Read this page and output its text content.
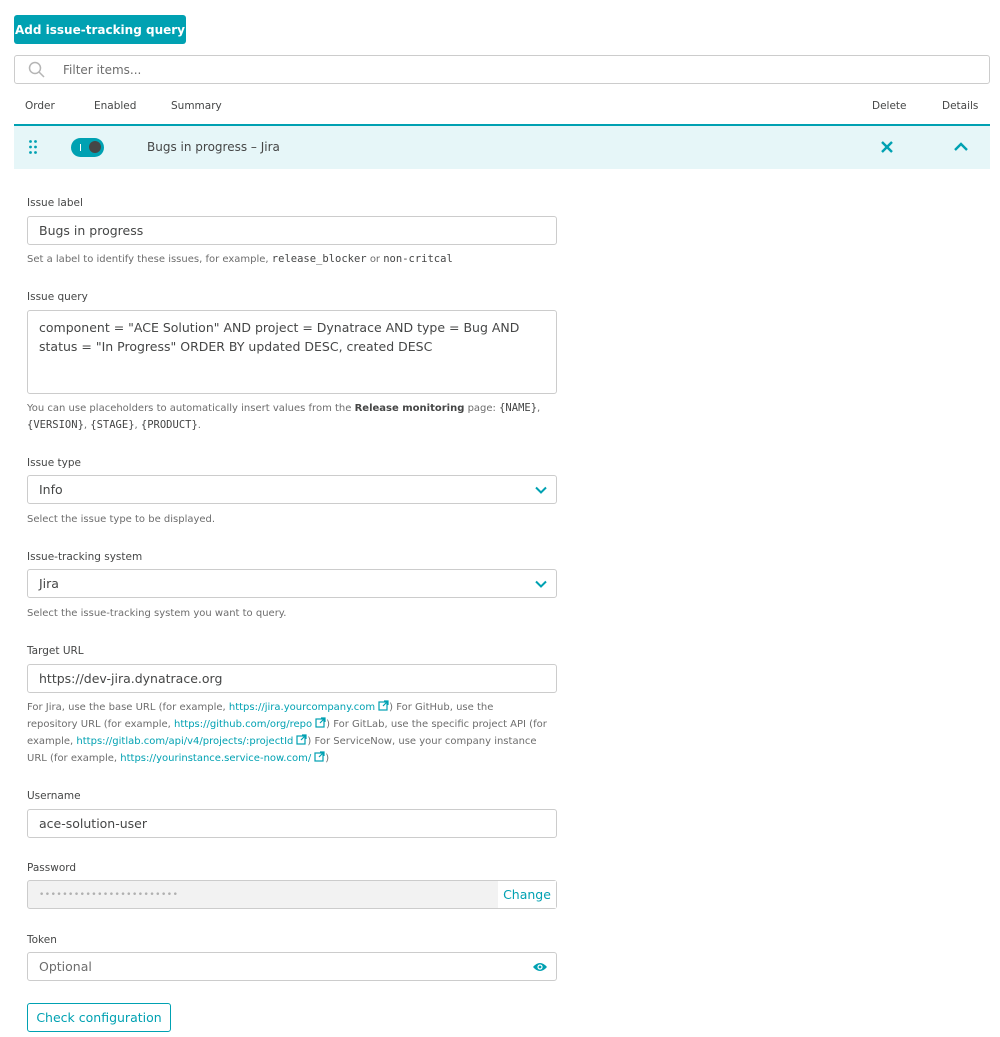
Add issue-tracking query
Filter items...
Order	Enabled	Summary	Delete	Details
Bugs in progress – Jira
Issue label
Bugs in progress
Set a label to identify these issues, for example, release_blocker or non-critcal
Issue query
component = "ACE Solution" AND project = Dynatrace AND type = Bug AND status = "In Progress" ORDER BY updated DESC, created DESC
You can use placeholders to automatically insert values from the Release monitoring page: {NAME}, {VERSION}, {STAGE}, {PRODUCT}.
Issue type
Info
Select the issue type to be displayed.
Issue-tracking system
Jira
Select the issue-tracking system you want to query.
Target URL
https://dev-jira.dynatrace.org
For Jira, use the base URL (for example, https://jira.yourcompany.com ) For GitHub, use the repository URL (for example, https://github.com/org/repo ) For GitLab, use the specific project API (for example, https://gitlab.com/api/v4/projects/:projectId ) For ServiceNow, use your company instance URL (for example, https://yourinstance.service-now.com/ )
Username
ace-solution-user
Password
••••••••••••••••••••••••	Change
Token
Optional
Check configuration
